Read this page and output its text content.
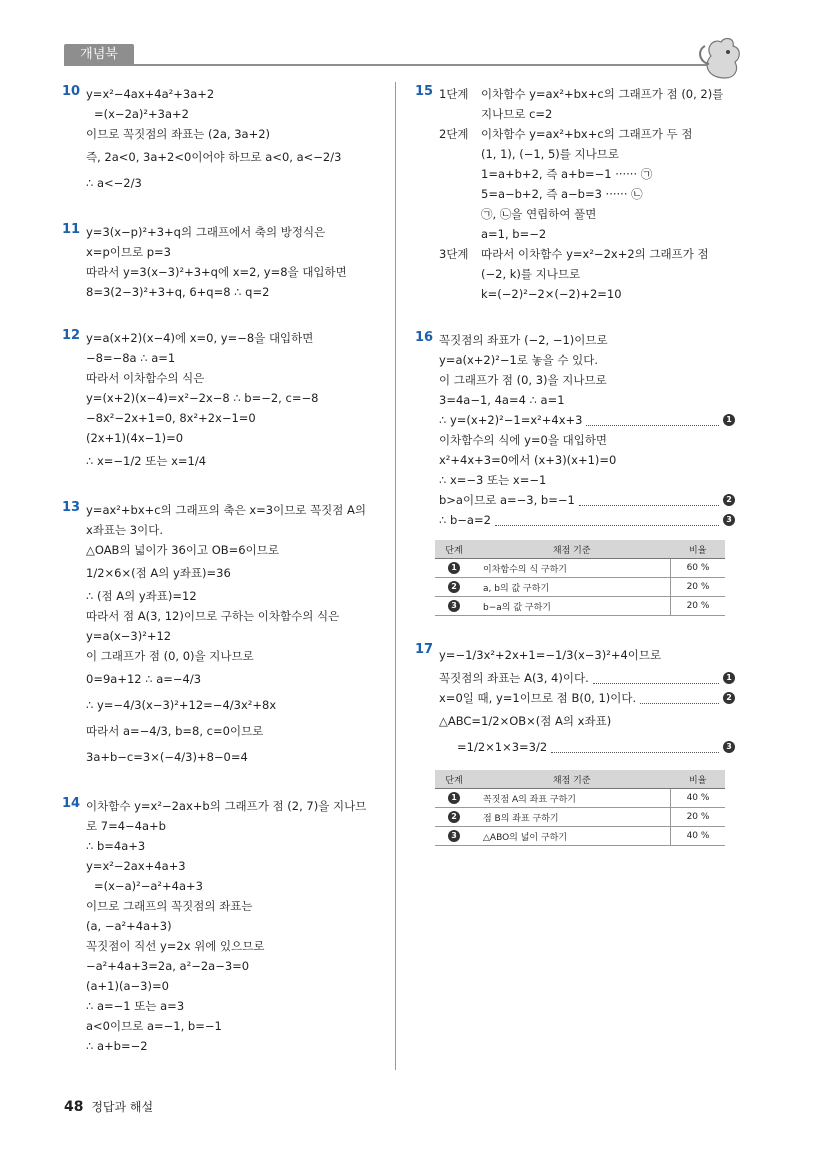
개념북
10 y=x²−4ax+4a²+3a+2
=(x−2a)²+3a+2
이므로 꼭짓점의 좌표는 (2a, 3a+2)
즉, 2a<0, 3a+2<0이어야 하므로 a<0, a<−2/3
∴ a<−2/3
11 y=3(x−p)²+3+q의 그래프에서 축의 방정식은
x=p이므로 p=3
따라서 y=3(x−3)²+3+q에 x=2, y=8을 대입하면
8=3(2−3)²+3+q, 6+q=8 ∴ q=2
12 y=a(x+2)(x−4)에 x=0, y=−8을 대입하면
−8=−8a ∴ a=1
따라서 이차함수의 식은
y=(x+2)(x−4)=x²−2x−8 ∴ b=−2, c=−8
−8x²−2x+1=0, 8x²+2x−1=0
(2x+1)(4x−1)=0
∴ x=−1/2 또는 x=1/4
13 y=ax²+bx+c의 그래프의 축은 x=3이므로 꼭짓점 A의
x좌표는 3이다.
△OAB의 넓이가 36이고 OB=6이므로
1/2×6×(점 A의 y좌표)=36
∴ (점 A의 y좌표)=12
따라서 점 A(3, 12)이므로 구하는 이차함수의 식은
y=a(x−3)²+12
이 그래프가 점 (0, 0)을 지나므로
0=9a+12 ∴ a=−4/3
∴ y=−4/3(x−3)²+12=−4/3x²+8x
따라서 a=−4/3, b=8, c=0이므로
3a+b−c=3×(−4/3)+8−0=4
14 이차함수 y=x²−2ax+b의 그래프가 점 (2, 7)을 지나므
로 7=4−4a+b
∴ b=4a+3
y=x²−2ax+4a+3
=(x−a)²−a²+4a+3
이므로 그래프의 꼭짓점의 좌표는
(a, −a²+4a+3)
꼭짓점이 직선 y=2x 위에 있으므로
−a²+4a+3=2a, a²−2a−3=0
(a+1)(a−3)=0
∴ a=−1 또는 a=3
a<0이므로 a=−1, b=−1
∴ a+b=−2
15 1단계	이차함수 y=ax²+bx+c의 그래프가 점 (0, 2)를
지나므로 c=2
2단계	이차함수 y=ax²+bx+c의 그래프가 두 점
(1, 1), (−1, 5)를 지나므로
1=a+b+2, 즉 a+b=−1 ······ ㉠
5=a−b+2, 즉 a−b=3 ······ ㉡
㉠, ㉡을 연립하여 풀면
a=1, b=−2
3단계	따라서 이차함수 y=x²−2x+2의 그래프가 점
(−2, k)를 지나므로
k=(−2)²−2×(−2)+2=10
16 꼭짓점의 좌표가 (−2, −1)이므로
y=a(x+2)²−1로 놓을 수 있다.
이 그래프가 점 (0, 3)을 지나므로
3=4a−1, 4a=4 ∴ a=1
∴ y=(x+2)²−1=x²+4x+3	1
이차함수의 식에 y=0을 대입하면
x²+4x+3=0에서 (x+3)(x+1)=0
∴ x=−3 또는 x=−1
b>a이므로 a=−3, b=−1	2
∴ b−a=2	3
단계	채점 기준	비율
1	이차함수의 식 구하기	60 %
2	a, b의 값 구하기	20 %
3	b−a의 값 구하기	20 %
17 y=−1/3x²+2x+1=−1/3(x−3)²+4이므로
꼭짓점의 좌표는 A(3, 4)이다.	1
x=0일 때, y=1이므로 점 B(0, 1)이다.	2
△ABC=1/2×OB×(점 A의 x좌표)
=1/2×1×3=3/2	3
단계	채점 기준	비율
1	꼭짓점 A의 좌표 구하기	40 %
2	점 B의 좌표 구하기	20 %
3	△ABO의 넓이 구하기	40 %
48 정답과 해설
